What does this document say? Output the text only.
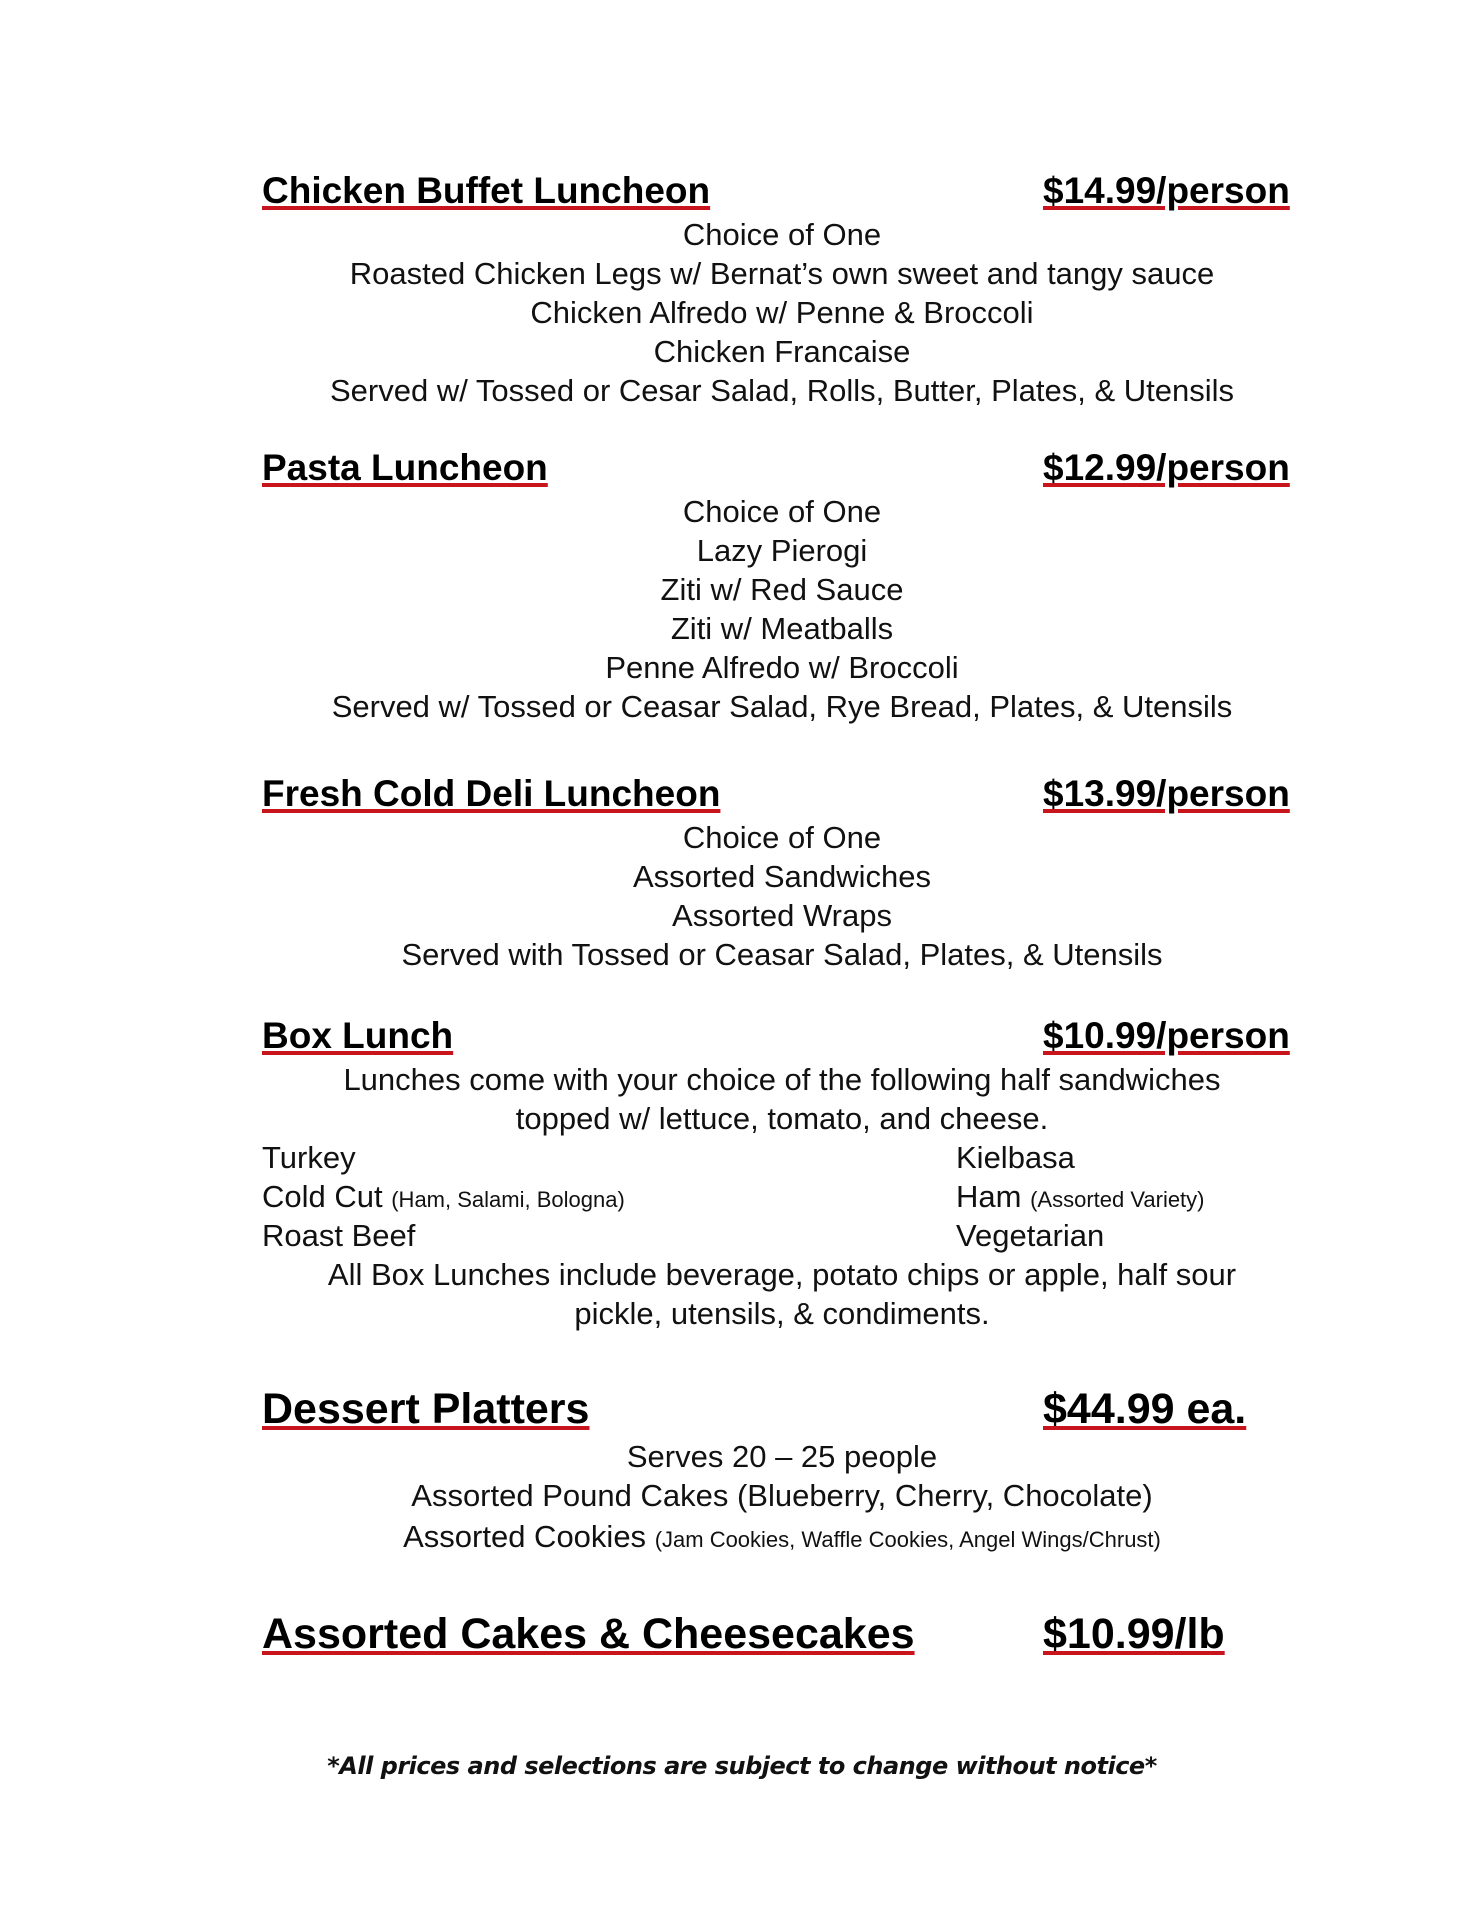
Chicken Buffet Luncheon	$14.99/person
Choice of One
Roasted Chicken Legs w/ Bernat’s own sweet and tangy sauce
Chicken Alfredo w/ Penne & Broccoli
Chicken Francaise
Served w/ Tossed or Cesar Salad, Rolls, Butter, Plates, & Utensils
Pasta Luncheon	$12.99/person
Choice of One
Lazy Pierogi
Ziti w/ Red Sauce
Ziti w/ Meatballs
Penne Alfredo w/ Broccoli
Served w/ Tossed or Ceasar Salad, Rye Bread, Plates, & Utensils
Fresh Cold Deli Luncheon	$13.99/person
Choice of One
Assorted Sandwiches
Assorted Wraps
Served with Tossed or Ceasar Salad, Plates, & Utensils
Box Lunch	$10.99/person
Lunches come with your choice of the following half sandwiches
topped w/ lettuce, tomato, and cheese.
Turkey	Kielbasa
Cold Cut (Ham, Salami, Bologna)	Ham (Assorted Variety)
Roast Beef	Vegetarian
All Box Lunches include beverage, potato chips or apple, half sour
pickle, utensils, & condiments.
Dessert Platters	$44.99 ea.
Serves 20 – 25 people
Assorted Pound Cakes (Blueberry, Cherry, Chocolate)
Assorted Cookies (Jam Cookies, Waffle Cookies, Angel Wings/Chrust)
Assorted Cakes & Cheesecakes	$10.99/lb
*All prices and selections are subject to change without notice*
